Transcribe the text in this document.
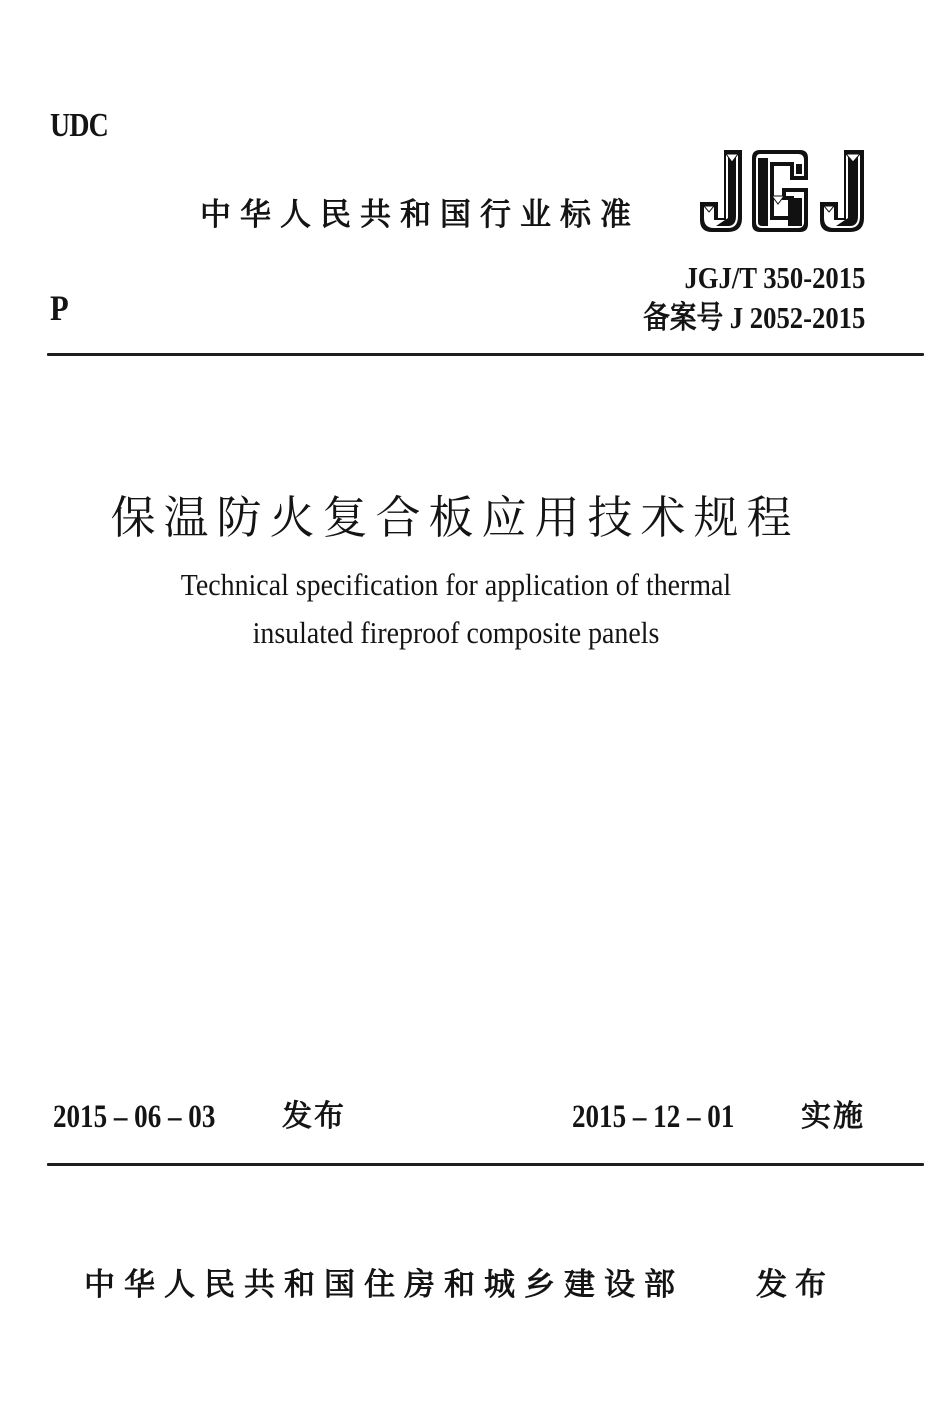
UDC
中华人民共和国行业标准
P
JGJ/T 350-2015
备案号 J 2052-2015
保温防火复合板应用技术规程
Technical specification for application of thermal
insulated fireproof composite panels
2015 – 06 – 03 发布	2015 – 12 – 01 实施
中华人民共和国住房和城乡建设部 发布
